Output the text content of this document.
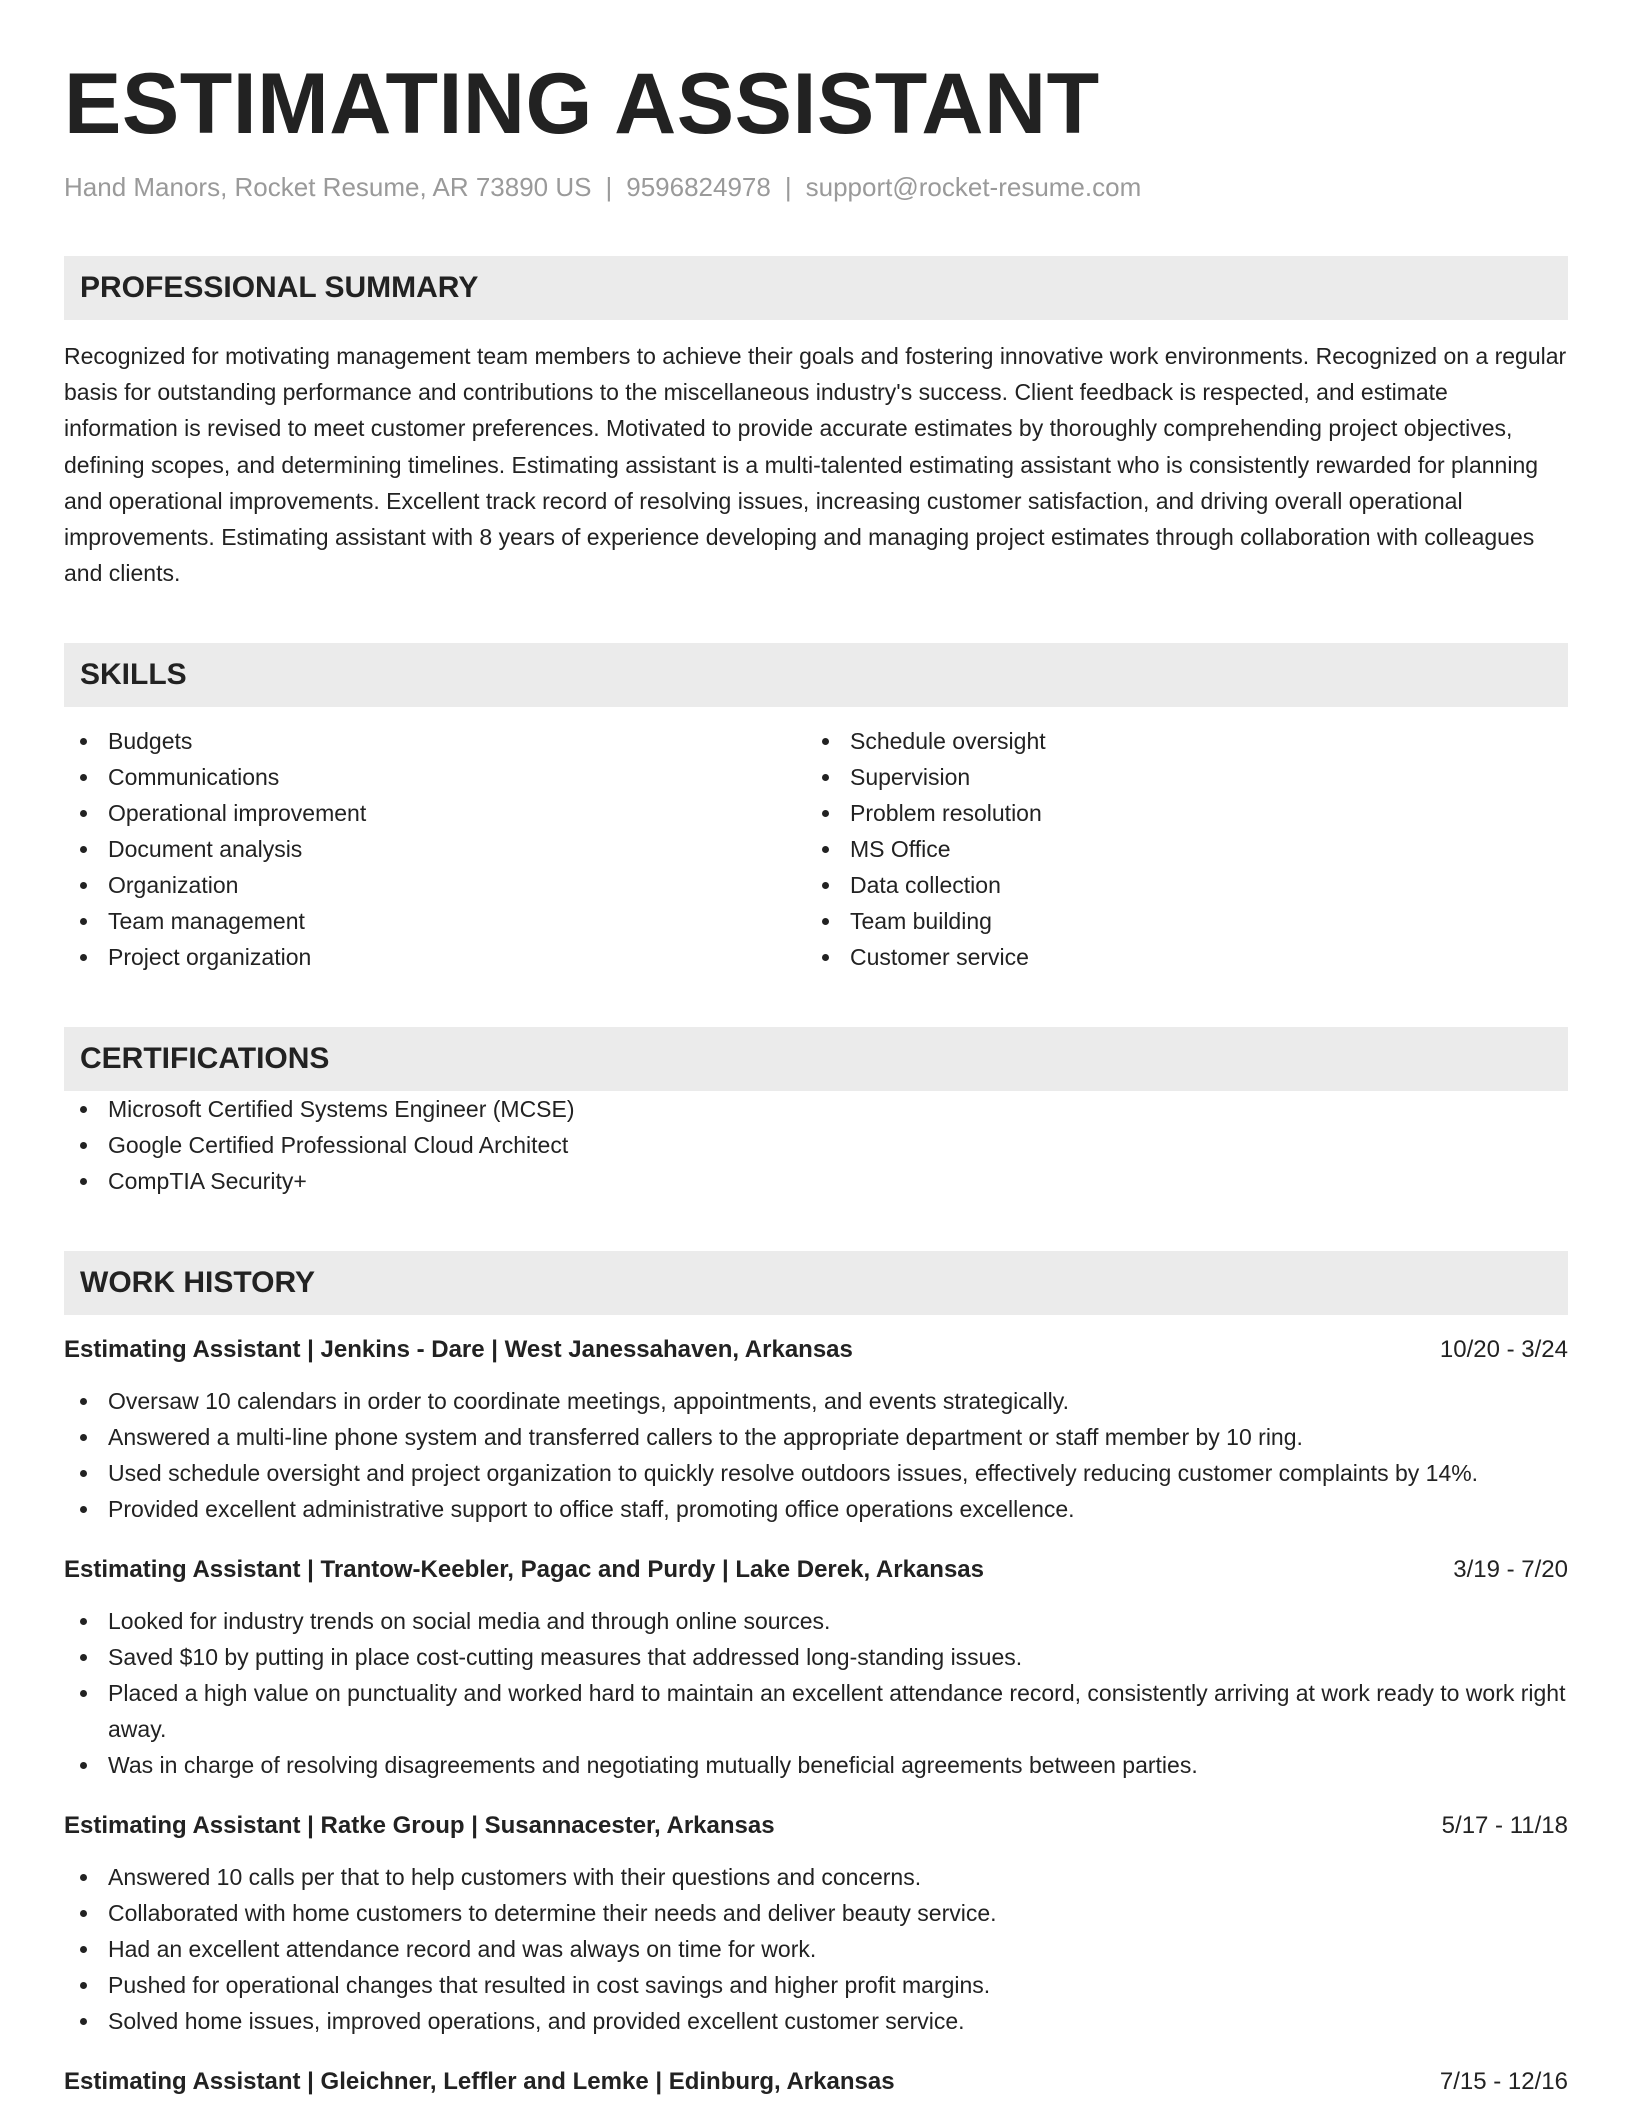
ESTIMATING ASSISTANT
Hand Manors, Rocket Resume, AR 73890 US | 9596824978 | support@rocket-resume.com
PROFESSIONAL SUMMARY
Recognized for motivating management team members to achieve their goals and fostering innovative work environments. Recognized on a regular basis for outstanding performance and contributions to the miscellaneous industry's success. Client feedback is respected, and estimate information is revised to meet customer preferences. Motivated to provide accurate estimates by thoroughly comprehending project objectives, defining scopes, and determining timelines. Estimating assistant is a multi-talented estimating assistant who is consistently rewarded for planning and operational improvements. Excellent track record of resolving issues, increasing customer satisfaction, and driving overall operational improvements. Estimating assistant with 8 years of experience developing and managing project estimates through collaboration with colleagues and clients.
SKILLS
Budgets
Communications
Operational improvement
Document analysis
Organization
Team management
Project organization
Schedule oversight
Supervision
Problem resolution
MS Office
Data collection
Team building
Customer service
CERTIFICATIONS
Microsoft Certified Systems Engineer (MCSE)
Google Certified Professional Cloud Architect
CompTIA Security+
WORK HISTORY
Estimating Assistant | Jenkins - Dare | West Janessahaven, Arkansas	10/20 - 3/24
Oversaw 10 calendars in order to coordinate meetings, appointments, and events strategically.
Answered a multi-line phone system and transferred callers to the appropriate department or staff member by 10 ring.
Used schedule oversight and project organization to quickly resolve outdoors issues, effectively reducing customer complaints by 14%.
Provided excellent administrative support to office staff, promoting office operations excellence.
Estimating Assistant | Trantow-Keebler, Pagac and Purdy | Lake Derek, Arkansas	3/19 - 7/20
Looked for industry trends on social media and through online sources.
Saved $10 by putting in place cost-cutting measures that addressed long-standing issues.
Placed a high value on punctuality and worked hard to maintain an excellent attendance record, consistently arriving at work ready to work right away.
Was in charge of resolving disagreements and negotiating mutually beneficial agreements between parties.
Estimating Assistant | Ratke Group | Susannacester, Arkansas	5/17 - 11/18
Answered 10 calls per that to help customers with their questions and concerns.
Collaborated with home customers to determine their needs and deliver beauty service.
Had an excellent attendance record and was always on time for work.
Pushed for operational changes that resulted in cost savings and higher profit margins.
Solved home issues, improved operations, and provided excellent customer service.
Estimating Assistant | Gleichner, Leffler and Lemke | Edinburg, Arkansas	7/15 - 12/16
